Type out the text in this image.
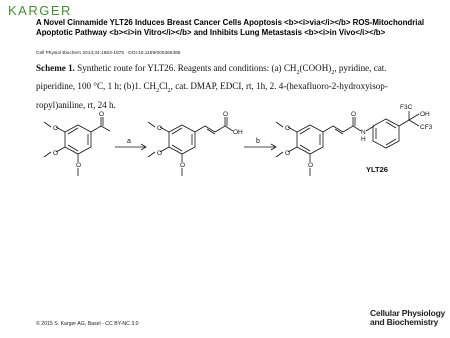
KARGER
A Novel Cinnamide YLT26 Induces Breast Cancer Cells Apoptosis <b><i>via</i></b> ROS-Mitochondrial Apoptotic Pathway <b><i>in Vitro</i></b> and Inhibits Lung Metastasis <b><i>in Vivo</i></b>
Cell Physiol Biochem 2014;34:1863-1876 · DOI:10.1159/000366385
Scheme 1. Synthetic route for YLT26. Reagents and conditions: (a) $CH_2(COOH)_2$, pyridine, cat. piperidine, 100 °C, 1 h; (b)1. $CH_2Cl_2$, cat. DMAP, EDCI, rt, 1h, 2. 4-(hexafluoro-2-hydroxyisop-ropyl)aniline, rt, 24 h.
O
O
O
O
O
O
O
O
OH
O
O
O
O
N
H
F3C
OH
CF3
a	b
YLT26
© 2015 S. Karger AG, Basel - CC BY-NC 3.0
Cellular Physiology
and Biochemistry
